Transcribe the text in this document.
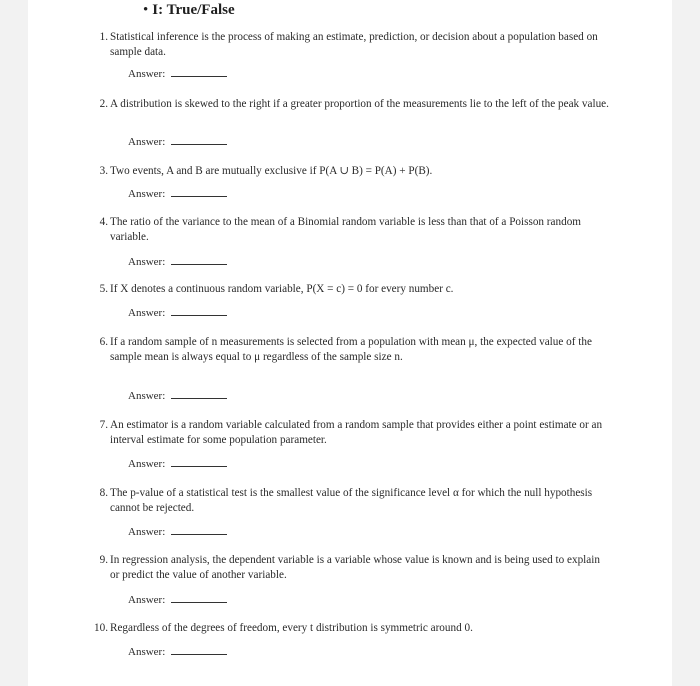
• I: True/False
1. Statistical inference is the process of making an estimate, prediction, or decision about a population based on sample data.
Answer:
2. A distribution is skewed to the right if a greater proportion of the measurements lie to the left of the peak value.
Answer:
3. Two events, A and B are mutually exclusive if P(A ∪ B) = P(A) + P(B).
Answer:
4. The ratio of the variance to the mean of a Binomial random variable is less than that of a Poisson random variable.
Answer:
5. If X denotes a continuous random variable, P(X = c) = 0 for every number c.
Answer:
6. If a random sample of n measurements is selected from a population with mean μ, the expected value of the sample mean is always equal to μ regardless of the sample size n.
Answer:
7. An estimator is a random variable calculated from a random sample that provides either a point estimate or an interval estimate for some population parameter.
Answer:
8. The p-value of a statistical test is the smallest value of the significance level α for which the null hypothesis cannot be rejected.
Answer:
9. In regression analysis, the dependent variable is a variable whose value is known and is being used to explain or predict the value of another variable.
Answer:
10. Regardless of the degrees of freedom, every t distribution is symmetric around 0.
Answer:
